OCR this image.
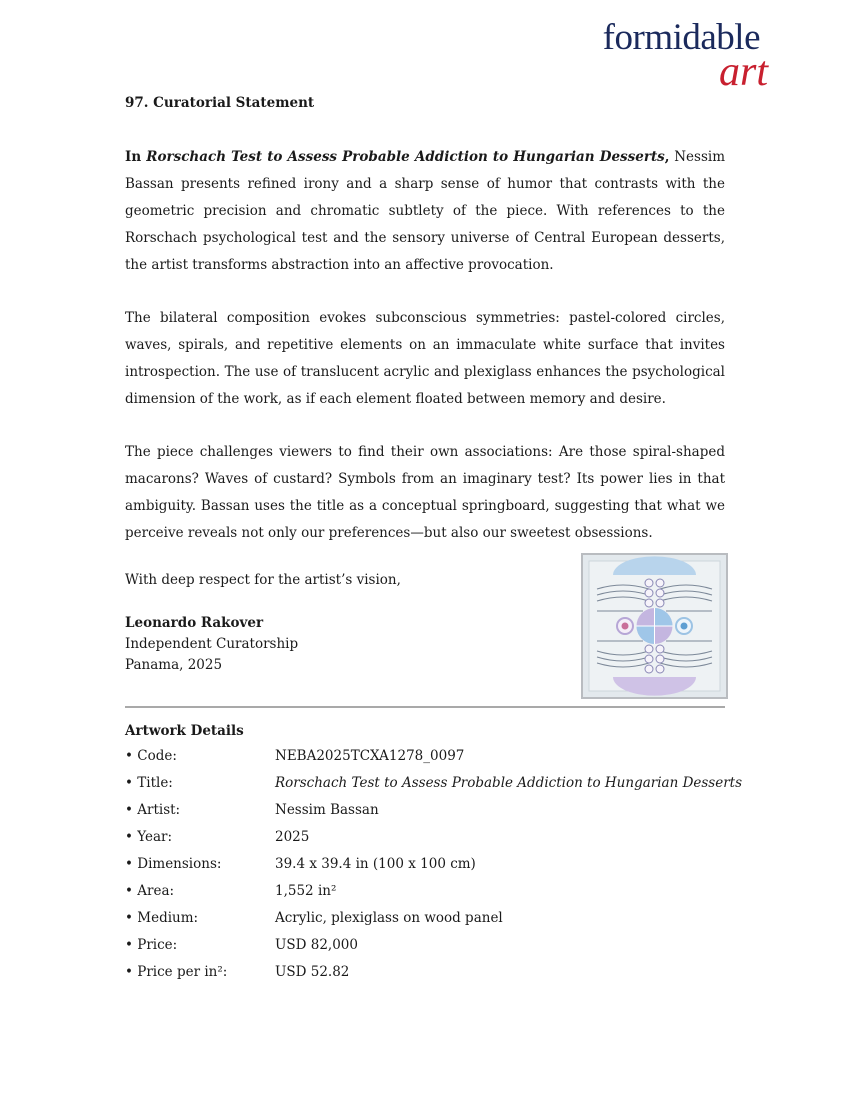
formidable
art
97. Curatorial Statement

In Rorschach Test to Assess Probable Addiction to Hungarian Desserts, Nessim Bassan presents refined irony and a sharp sense of humor that contrasts with the geometric precision and chromatic subtlety of the piece. With references to the Rorschach psychological test and the sensory universe of Central European desserts, the artist transforms abstraction into an affective provocation.

The bilateral composition evokes subconscious symmetries: pastel-colored circles, waves, spirals, and repetitive elements on an immaculate white surface that invites introspection. The use of translucent acrylic and plexiglass enhances the psychological dimension of the work, as if each element floated between memory and desire.

The piece challenges viewers to find their own associations: Are those spiral-shaped macarons? Waves of custard? Symbols from an imaginary test? Its power lies in that ambiguity. Bassan uses the title as a conceptual springboard, suggesting that what we perceive reveals not only our preferences—but also our sweetest obsessions.

With deep respect for the artist’s vision,
Leonardo Rakover
Independent Curatorship
Panama, 2025
Artwork Details
• Code:	NEBA2025TCXA1278_0097
• Title:	Rorschach Test to Assess Probable Addiction to Hungarian Desserts
• Artist:	Nessim Bassan
• Year:	2025
• Dimensions:	39.4 x 39.4 in (100 x 100 cm)
• Area:	1,552 in²
• Medium:	Acrylic, plexiglass on wood panel
• Price:	USD 82,000
• Price per in²:	USD 52.82
